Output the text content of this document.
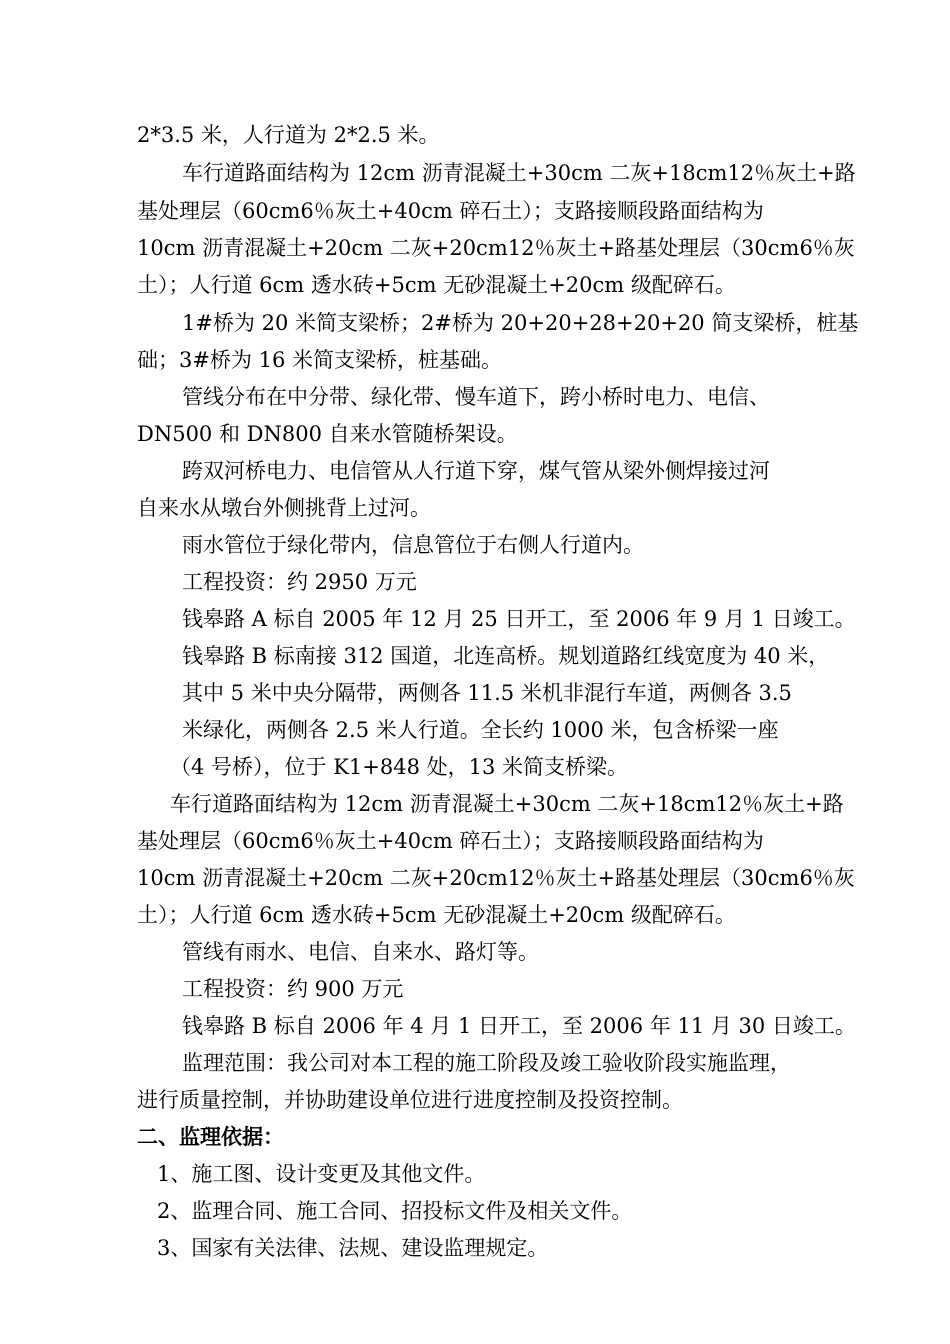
2*3.5 米，人行道为 2*2.5 米。
车行道路面结构为 12cm 沥青混凝土+30cm 二灰+18cm12％灰土+路
基处理层（60cm6％灰土+40cm 碎石土）；支路接顺段路面结构为
10cm 沥青混凝土+20cm 二灰+20cm12％灰土+路基处理层（30cm6％灰
土）；人行道 6cm 透水砖+5cm 无砂混凝土+20cm 级配碎石。
1#桥为 20 米简支梁桥；2#桥为 20+20+28+20+20 简支梁桥，桩基
础；3#桥为 16 米简支梁桥，桩基础。
管线分布在中分带、绿化带、慢车道下，跨小桥时电力、电信、
DN500 和 DN800 自来水管随桥架设。
跨双河桥电力、电信管从人行道下穿，煤气管从梁外侧焊接过河
自来水从墩台外侧挑背上过河。
雨水管位于绿化带内，信息管位于右侧人行道内。
工程投资：约 2950 万元
钱皋路 A 标自 2005 年 12 月 25 日开工，至 2006 年 9 月 1 日竣工。
钱皋路 B 标南接 312 国道，北连高桥。规划道路红线宽度为 40 米，
其中 5 米中央分隔带，两侧各 11.5 米机非混行车道，两侧各 3.5
米绿化，两侧各 2.5 米人行道。全长约 1000 米，包含桥梁一座
（4 号桥），位于 K1+848 处，13 米简支桥梁。
车行道路面结构为 12cm 沥青混凝土+30cm 二灰+18cm12％灰土+路
基处理层（60cm6％灰土+40cm 碎石土）；支路接顺段路面结构为
10cm 沥青混凝土+20cm 二灰+20cm12％灰土+路基处理层（30cm6％灰
土）；人行道 6cm 透水砖+5cm 无砂混凝土+20cm 级配碎石。
管线有雨水、电信、自来水、路灯等。
工程投资：约 900 万元
钱皋路 B 标自 2006 年 4 月 1 日开工，至 2006 年 11 月 30 日竣工。
监理范围：我公司对本工程的施工阶段及竣工验收阶段实施监理，
进行质量控制，并协助建设单位进行进度控制及投资控制。
二、监理依据：
1、施工图、设计变更及其他文件。
2、监理合同、施工合同、招投标文件及相关文件。
3、国家有关法律、法规、建设监理规定。
